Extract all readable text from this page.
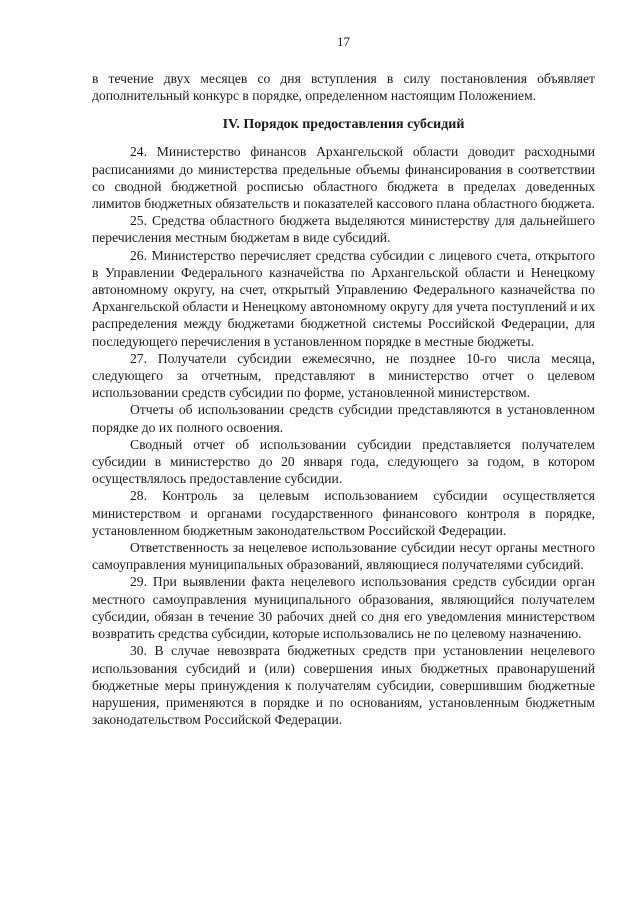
17

в течение двух месяцев со дня вступления в силу постановления объявляет дополнительный конкурс в порядке, определенном настоящим Положением.

IV. Порядок предоставления субсидий

24. Министерство финансов Архангельской области доводит расходными расписаниями до министерства предельные объемы финансирования в соответствии со сводной бюджетной росписью областного бюджета в пределах доведенных лимитов бюджетных обязательств и показателей кассового плана областного бюджета.

25. Средства областного бюджета выделяются министерству для дальнейшего перечисления местным бюджетам в виде субсидий.

26. Министерство перечисляет средства субсидии с лицевого счета, открытого в Управлении Федерального казначейства по Архангельской области и Ненецкому автономному округу, на счет, открытый Управлению Федерального казначейства по Архангельской области и Ненецкому автономному округу для учета поступлений и их распределения между бюджетами бюджетной системы Российской Федерации, для последующего перечисления в установленном порядке в местные бюджеты.

27. Получатели субсидии ежемесячно, не позднее 10-го числа месяца, следующего за отчетным, представляют в министерство отчет о целевом использовании средств субсидии по форме, установленной министерством.

Отчеты об использовании средств субсидии представляются в установленном порядке до их полного освоения.

Сводный отчет об использовании субсидии представляется получателем субсидии в министерство до 20 января года, следующего за годом, в котором осуществлялось предоставление субсидии.

28. Контроль за целевым использованием субсидии осуществляется министерством и органами государственного финансового контроля в порядке, установленном бюджетным законодательством Российской Федерации.

Ответственность за нецелевое использование субсидии несут органы местного самоуправления муниципальных образований, являющиеся получателями субсидий.

29. При выявлении факта нецелевого использования средств субсидии орган местного самоуправления муниципального образования, являющийся получателем субсидии, обязан в течение 30 рабочих дней со дня его уведомления министерством возвратить средства субсидии, которые использовались не по целевому назначению.

30. В случае невозврата бюджетных средств при установлении нецелевого использования субсидий и (или) совершения иных бюджетных правонарушений бюджетные меры принуждения к получателям субсидии, совершившим бюджетные нарушения, применяются в порядке и по основаниям, установленным бюджетным законодательством Российской Федерации.
